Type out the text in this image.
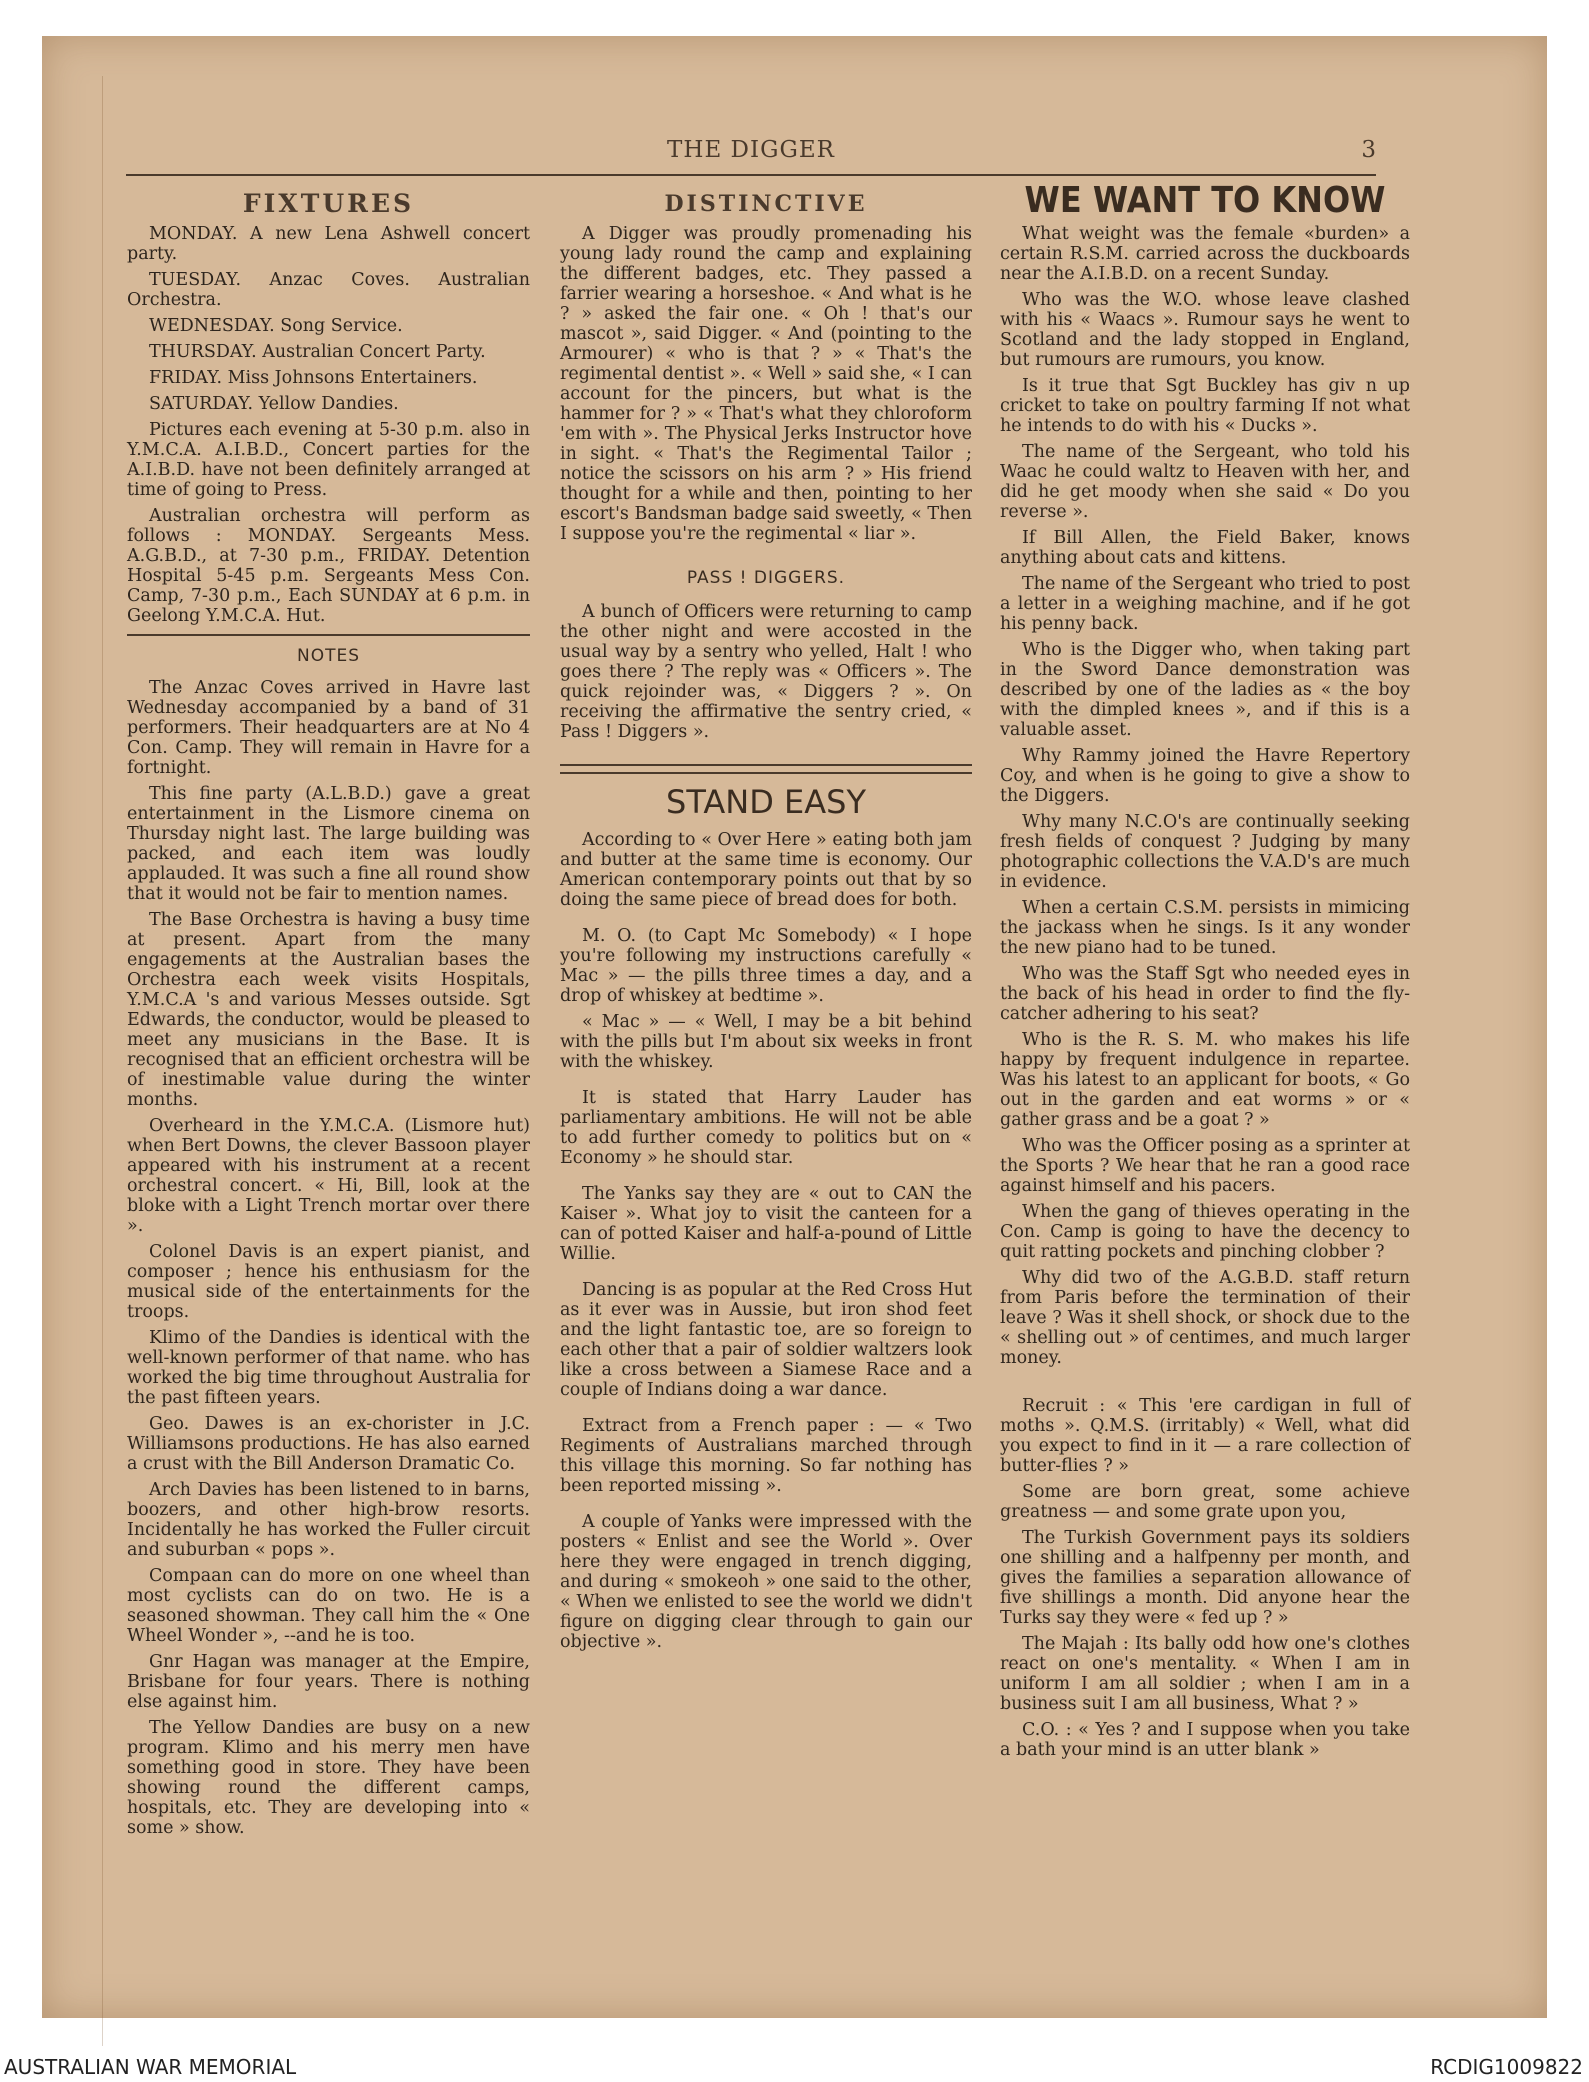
THE DIGGER	3
FIXTURES

MONDAY. A new Lena Ashwell concert party.

TUESDAY. Anzac Coves. Australian Orchestra.

WEDNESDAY. Song Service.

THURSDAY. Australian Concert Party.

FRIDAY. Miss Johnsons Entertainers.

SATURDAY. Yellow Dandies.

Pictures each evening at 5-30 p.m. also in Y.M.C.A. A.I.B.D., Concert parties for the A.I.B.D. have not been definitely arranged at time of going to Press.

Australian orchestra will perform as follows : MONDAY. Sergeants Mess. A.G.B.D., at 7-30 p.m., FRIDAY. Detention Hospital 5-45 p.m. Sergeants Mess Con. Camp, 7-30 p.m., Each SUNDAY at 6 p.m. in Geelong Y.M.C.A. Hut.

NOTES

The Anzac Coves arrived in Havre last Wednesday accompanied by a band of 31 performers. Their headquarters are at No 4 Con. Camp. They will remain in Havre for a fortnight.

This fine party (A.L.B.D.) gave a great entertainment in the Lismore cinema on Thursday night last. The large building was packed, and each item was loudly applauded. It was such a fine all round show that it would not be fair to mention names.

The Base Orchestra is having a busy time at present. Apart from the many engagements at the Australian bases the Orchestra each week visits Hospitals, Y.M.C.A 's and various Messes outside. Sgt Edwards, the conductor, would be pleased to meet any musicians in the Base. It is recognised that an efficient orchestra will be of inestimable value during the winter months.

Overheard in the Y.M.C.A. (Lismore hut) when Bert Downs, the clever Bassoon player appeared with his instrument at a recent orchestral concert. « Hi, Bill, look at the bloke with a Light Trench mortar over there ».

Colonel Davis is an expert pianist, and composer ; hence his enthusiasm for the musical side of the entertainments for the troops.

Klimo of the Dandies is identical with the well-known performer of that name. who has worked the big time throughout Australia for the past fifteen years.

Geo. Dawes is an ex-chorister in J.C. Williamsons productions. He has also earned a crust with the Bill Anderson Dramatic Co.

Arch Davies has been listened to in barns, boozers, and other high-brow resorts. Incidentally he has worked the Fuller circuit and suburban « pops ».

Compaan can do more on one wheel than most cyclists can do on two. He is a seasoned showman. They call him the « One Wheel Wonder », --and he is too.

Gnr Hagan was manager at the Empire, Brisbane for four years. There is nothing else against him.

The Yellow Dandies are busy on a new program. Klimo and his merry men have something good in store. They have been showing round the different camps, hospitals, etc. They are developing into « some » show.

DISTINCTIVE

A Digger was proudly promenading his young lady round the camp and explaining the different badges, etc. They passed a farrier wearing a horseshoe. « And what is he ? » asked the fair one. « Oh ! that's our mascot », said Digger. « And (pointing to the Armourer) « who is that ? » « That's the regimental dentist ». « Well » said she, « I can account for the pincers, but what is the hammer for ? » « That's what they chloroform 'em with ». The Physical Jerks Instructor hove in sight. « That's the Regimental Tailor ; notice the scissors on his arm ? » His friend thought for a while and then, pointing to her escort's Bandsman badge said sweetly, « Then I suppose you're the regimental « liar ».

PASS ! DIGGERS.

A bunch of Officers were returning to camp the other night and were accosted in the usual way by a sentry who yelled, Halt ! who goes there ? The reply was « Officers ». The quick rejoinder was, « Diggers ? ». On receiving the affirmative the sentry cried, « Pass ! Diggers ».

STAND EASY

According to « Over Here » eating both jam and butter at the same time is economy. Our American contemporary points out that by so doing the same piece of bread does for both.

M. O. (to Capt Mc Somebody) « I hope you're following my instructions carefully « Mac » — the pills three times a day, and a drop of whiskey at bedtime ».

« Mac » — « Well, I may be a bit behind with the pills but I'm about six weeks in front with the whiskey.

It is stated that Harry Lauder has parliamentary ambitions. He will not be able to add further comedy to politics but on « Economy » he should star.

The Yanks say they are « out to CAN the Kaiser ». What joy to visit the canteen for a can of potted Kaiser and half-a-pound of Little Willie.

Dancing is as popular at the Red Cross Hut as it ever was in Aussie, but iron shod feet and the light fantastic toe, are so foreign to each other that a pair of soldier waltzers look like a cross between a Siamese Race and a couple of Indians doing a war dance.

Extract from a French paper : — « Two Regiments of Australians marched through this village this morning. So far nothing has been reported missing ».

A couple of Yanks were impressed with the posters « Enlist and see the World ». Over here they were engaged in trench digging, and during « smokeoh » one said to the other, « When we enlisted to see the world we didn't figure on digging clear through to gain our objective ».

WE WANT TO KNOW

What weight was the female «burden» a certain R.S.M. carried across the duckboards near the A.I.B.D. on a recent Sunday.

Who was the W.O. whose leave clashed with his « Waacs ». Rumour says he went to Scotland and the lady stopped in England, but rumours are rumours, you know.

Is it true that Sgt Buckley has giv n up cricket to take on poultry farming If not what he intends to do with his « Ducks ».

The name of the Sergeant, who told his Waac he could waltz to Heaven with her, and did he get moody when she said « Do you reverse ».

If Bill Allen, the Field Baker, knows anything about cats and kittens.

The name of the Sergeant who tried to post a letter in a weighing machine, and if he got his penny back.

Who is the Digger who, when taking part in the Sword Dance demonstration was described by one of the ladies as « the boy with the dimpled knees », and if this is a valuable asset.

Why Rammy joined the Havre Repertory Coy, and when is he going to give a show to the Diggers.

Why many N.C.O's are continually seeking fresh fields of conquest ? Judging by many photographic collections the V.A.D's are much in evidence.

When a certain C.S.M. persists in mimicing the jackass when he sings. Is it any wonder the new piano had to be tuned.

Who was the Staff Sgt who needed eyes in the back of his head in order to find the fly-catcher adhering to his seat?

Who is the R. S. M. who makes his life happy by frequent indulgence in repartee. Was his latest to an applicant for boots, « Go out in the garden and eat worms » or « gather grass and be a goat ? »

Who was the Officer posing as a sprinter at the Sports ? We hear that he ran a good race against himself and his pacers.

When the gang of thieves operating in the Con. Camp is going to have the decency to quit ratting pockets and pinching clobber ?

Why did two of the A.G.B.D. staff return from Paris before the termination of their leave ? Was it shell shock, or shock due to the « shelling out » of centimes, and much larger money.

Recruit : « This 'ere cardigan in full of moths ». Q.M.S. (irritably) « Well, what did you expect to find in it — a rare collection of butter-flies ? »

Some are born great, some achieve greatness — and some grate upon you,

The Turkish Government pays its soldiers one shilling and a halfpenny per month, and gives the families a separation allowance of five shillings a month. Did anyone hear the Turks say they were « fed up ? »

The Majah : Its bally odd how one's clothes react on one's mentality. « When I am in uniform I am all soldier ; when I am in a business suit I am all business, What ? »

C.O. : « Yes ? and I suppose when you take a bath your mind is an utter blank »

AUSTRALIAN WAR MEMORIAL	RCDIG1009822
